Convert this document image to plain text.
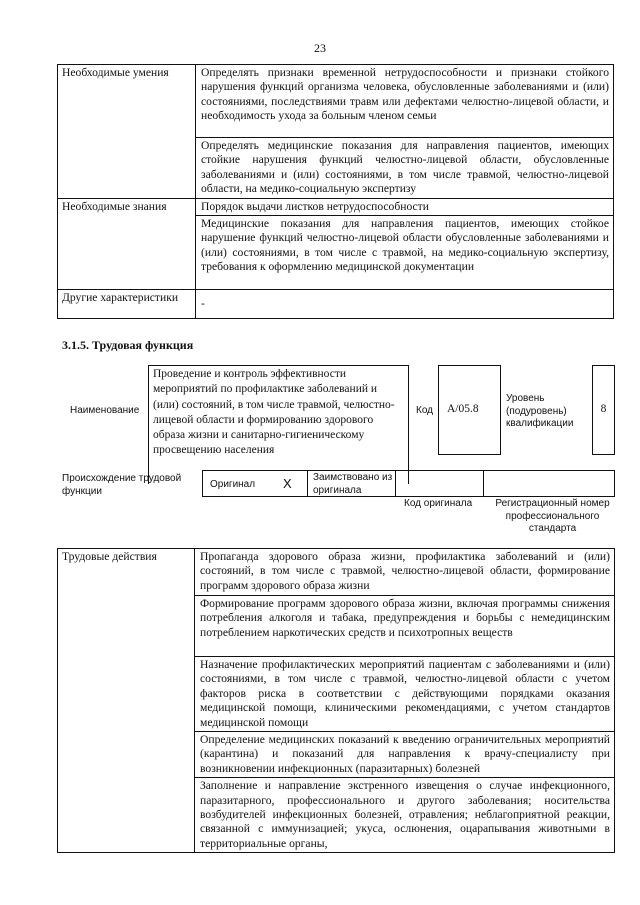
23
Необходимые умения	Определять признаки временной нетрудоспособности и признаки стойкого нарушения функций организма человека, обусловленные заболеваниями и (или) состояниями, последствиями травм или дефектами челюстно-лицевой области, и необходимость ухода за больным членом семьи
	Определять медицинские показания для направления пациентов, имеющих стойкие нарушения функций челюстно-лицевой области, обусловленные заболеваниями и (или) состояниями, в том числе травмой, челюстно-лицевой области, на медико-социальную экспертизу
Необходимые знания	Порядок выдачи листков нетрудоспособности
	Медицинские показания для направления пациентов, имеющих стойкое нарушение функций челюстно-лицевой области обусловленные заболеваниями и (или) состояниями, в том числе с травмой, на медико-социальную экспертизу, требования к оформлению медицинской документации
Другие характеристики	-
3.1.5. Трудовая функция
Наименование
Проведение и контроль эффективности мероприятий по профилактике заболеваний и (или) состояний, в том числе травмой, челюстно-лицевой области и формированию здорового образа жизни и санитарно-гигиеническому просвещению населения
Код A/05.8
Уровень (подуровень) квалификации
8
Происхождение трудовой функции
Оригинал X Заимствовано из оригинала
Код оригинала	Регистрационный номер профессионального стандарта
Трудовые действия	Пропаганда здорового образа жизни, профилактика заболеваний и (или) состояний, в том числе с травмой, челюстно-лицевой области, формирование программ здорового образа жизни
Формирование программ здорового образа жизни, включая программы снижения потребления алкоголя и табака, предупреждения и борьбы с немедицинским потреблением наркотических средств и психотропных веществ
Назначение профилактических мероприятий пациентам с заболеваниями и (или) состояниями, в том числе с травмой, челюстно-лицевой области с учетом факторов риска в соответствии с действующими порядками оказания медицинской помощи, клиническими рекомендациями, с учетом стандартов медицинской помощи
Определение медицинских показаний к введению ограничительных мероприятий (карантина) и показаний для направления к врачу-специалисту при возникновении инфекционных (паразитарных) болезней
Заполнение и направление экстренного извещения о случае инфекционного, паразитарного, профессионального и другого заболевания; носительства возбудителей инфекционных болезней, отравления; неблагоприятной реакции, связанной с иммунизацией; укуса, ослюнения, оцарапывания животными в территориальные органы,
